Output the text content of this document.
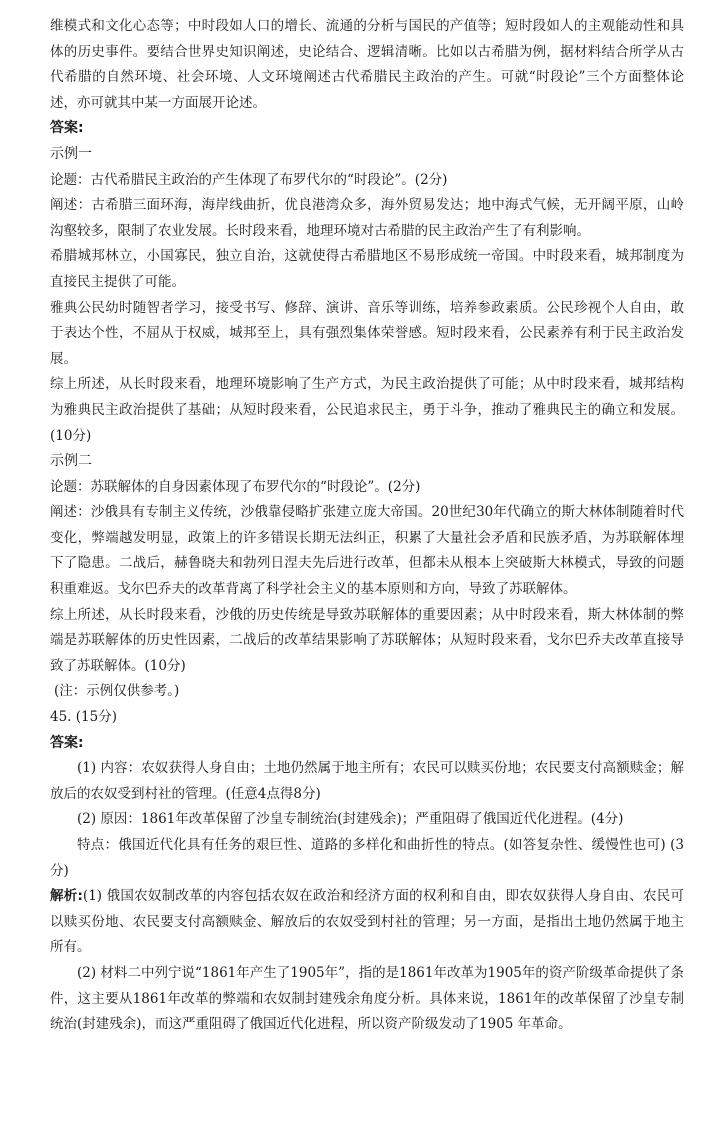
维模式和文化心态等；中时段如人口的增长、流通的分析与国民的产值等；短时段如人的主观能动性和具体的历史事件。要结合世界史知识阐述，史论结合、逻辑清晰。比如以古希腊为例，据材料结合所学从古代希腊的自然环境、社会环境、人文环境阐述古代希腊民主政治的产生。可就“时段论”三个方面整体论述，亦可就其中某一方面展开论述。

答案:

示例一

论题：古代希腊民主政治的产生体现了布罗代尔的“时段论”。(2分)

阐述：古希腊三面环海，海岸线曲折，优良港湾众多，海外贸易发达；地中海式气候，无开阔平原，山岭沟壑较多，限制了农业发展。长时段来看，地理环境对古希腊的民主政治产生了有利影响。

希腊城邦林立，小国寡民，独立自治，这就使得古希腊地区不易形成统一帝国。中时段来看，城邦制度为直接民主提供了可能。

雅典公民幼时随智者学习，接受书写、修辞、演讲、音乐等训练，培养参政素质。公民珍视个人自由，敢于表达个性，不屈从于权威，城邦至上，具有强烈集体荣誉感。短时段来看，公民素养有利于民主政治发展。

综上所述，从长时段来看，地理环境影响了生产方式，为民主政治提供了可能；从中时段来看，城邦结构为雅典民主政治提供了基础；从短时段来看，公民追求民主，勇于斗争，推动了雅典民主的确立和发展。(10分)

示例二

论题：苏联解体的自身因素体现了布罗代尔的“时段论”。(2分)

阐述：沙俄具有专制主义传统，沙俄靠侵略扩张建立庞大帝国。20世纪30年代确立的斯大林体制随着时代变化，弊端越发明显，政策上的许多错误长期无法纠正，积累了大量社会矛盾和民族矛盾，为苏联解体埋下了隐患。二战后，赫鲁晓夫和勃列日涅夫先后进行改革，但都未从根本上突破斯大林模式，导致的问题积重难返。戈尔巴乔夫的改革背离了科学社会主义的基本原则和方向，导致了苏联解体。

综上所述，从长时段来看，沙俄的历史传统是导致苏联解体的重要因素；从中时段来看，斯大林体制的弊端是苏联解体的历史性因素，二战后的改革结果影响了苏联解体；从短时段来看，戈尔巴乔夫改革直接导致了苏联解体。(10分)

(注：示例仅供参考。)

45. (15分)

答案:

(1) 内容：农奴获得人身自由；土地仍然属于地主所有；农民可以赎买份地；农民要支付高额赎金；解放后的农奴受到村社的管理。(任意4点得8分)

(2) 原因：1861年改革保留了沙皇专制统治(封建残余)；严重阻碍了俄国近代化进程。(4分)

特点：俄国近代化具有任务的艰巨性、道路的多样化和曲折性的特点。(如答复杂性、缓慢性也可) (3 分)

解析:(1) 俄国农奴制改革的内容包括农奴在政治和经济方面的权利和自由，即农奴获得人身自由、农民可以赎买份地、农民要支付高额赎金、解放后的农奴受到村社的管理；另一方面，是指出土地仍然属于地主所有。

(2) 材料二中列宁说“1861年产生了1905年”，指的是1861年改革为1905年的资产阶级革命提供了条件，这主要从1861年改革的弊端和农奴制封建残余角度分析。具体来说，1861年的改革保留了沙皇专制统治(封建残余)，而这严重阻碍了俄国近代化进程，所以资产阶级发动了1905 年革命。
